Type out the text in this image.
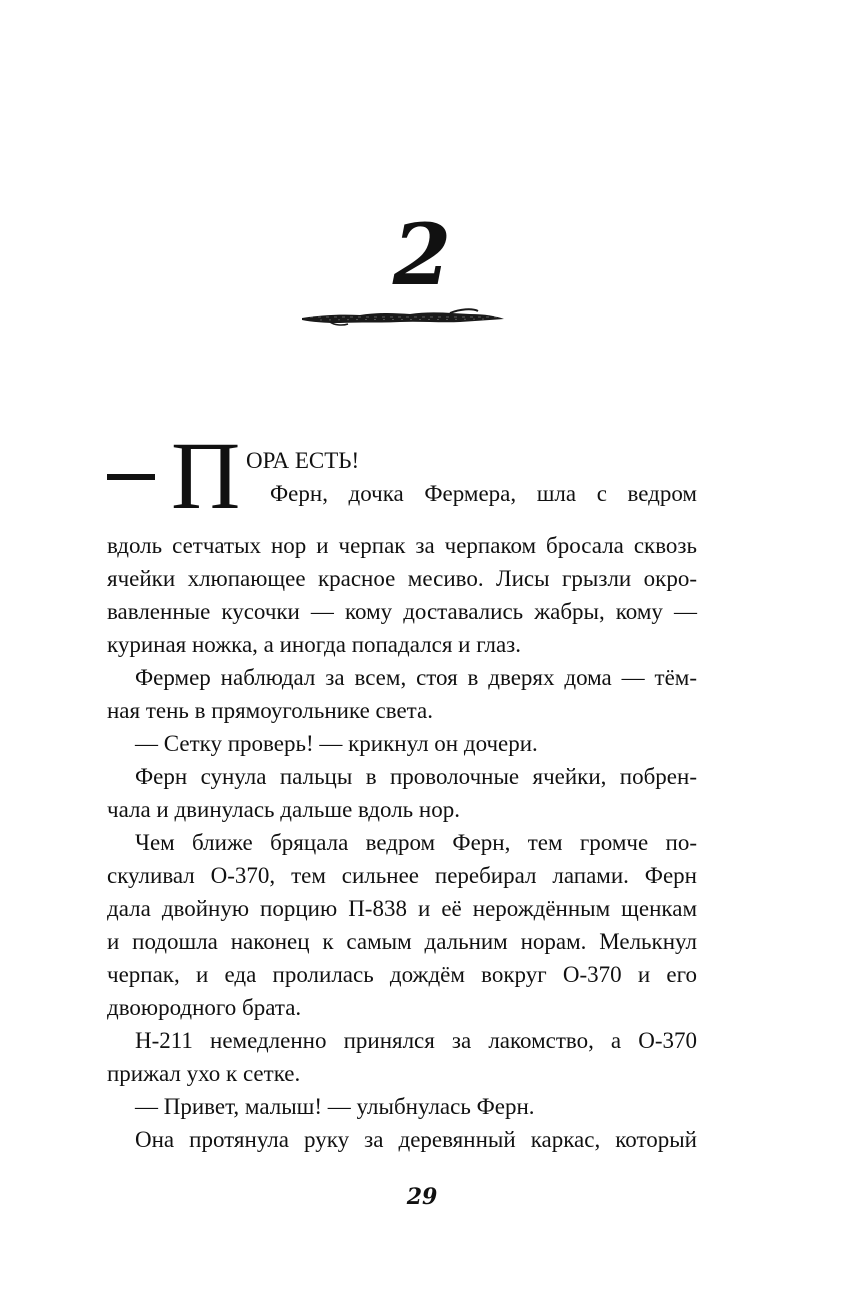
2
П ОРА ЕСТЬ!
Ферн, дочка Фермера, шла с ведром
вдоль сетчатых нор и черпак за черпаком бросала сквозь
ячейки хлюпающее красное месиво. Лисы грызли окро-
вавленные кусочки — кому доставались жабры, кому —
куриная ножка, а иногда попадался и глаз.
Фермер наблюдал за всем, стоя в дверях дома — тём-
ная тень в прямоугольнике света.
— Сетку проверь! — крикнул он дочери.
Ферн сунула пальцы в проволочные ячейки, побрен-
чала и двинулась дальше вдоль нор.
Чем ближе бряцала ведром Ферн, тем громче по-
скуливал О-370, тем сильнее перебирал лапами. Ферн
дала двойную порцию П-838 и её нерождённым щенкам
и подошла наконец к самым дальним норам. Мелькнул
черпак, и еда пролилась дождём вокруг О-370 и его
двоюродного брата.
Н-211 немедленно принялся за лакомство, а О-370
прижал ухо к сетке.
— Привет, малыш! — улыбнулась Ферн.
Она протянула руку за деревянный каркас, который
29
